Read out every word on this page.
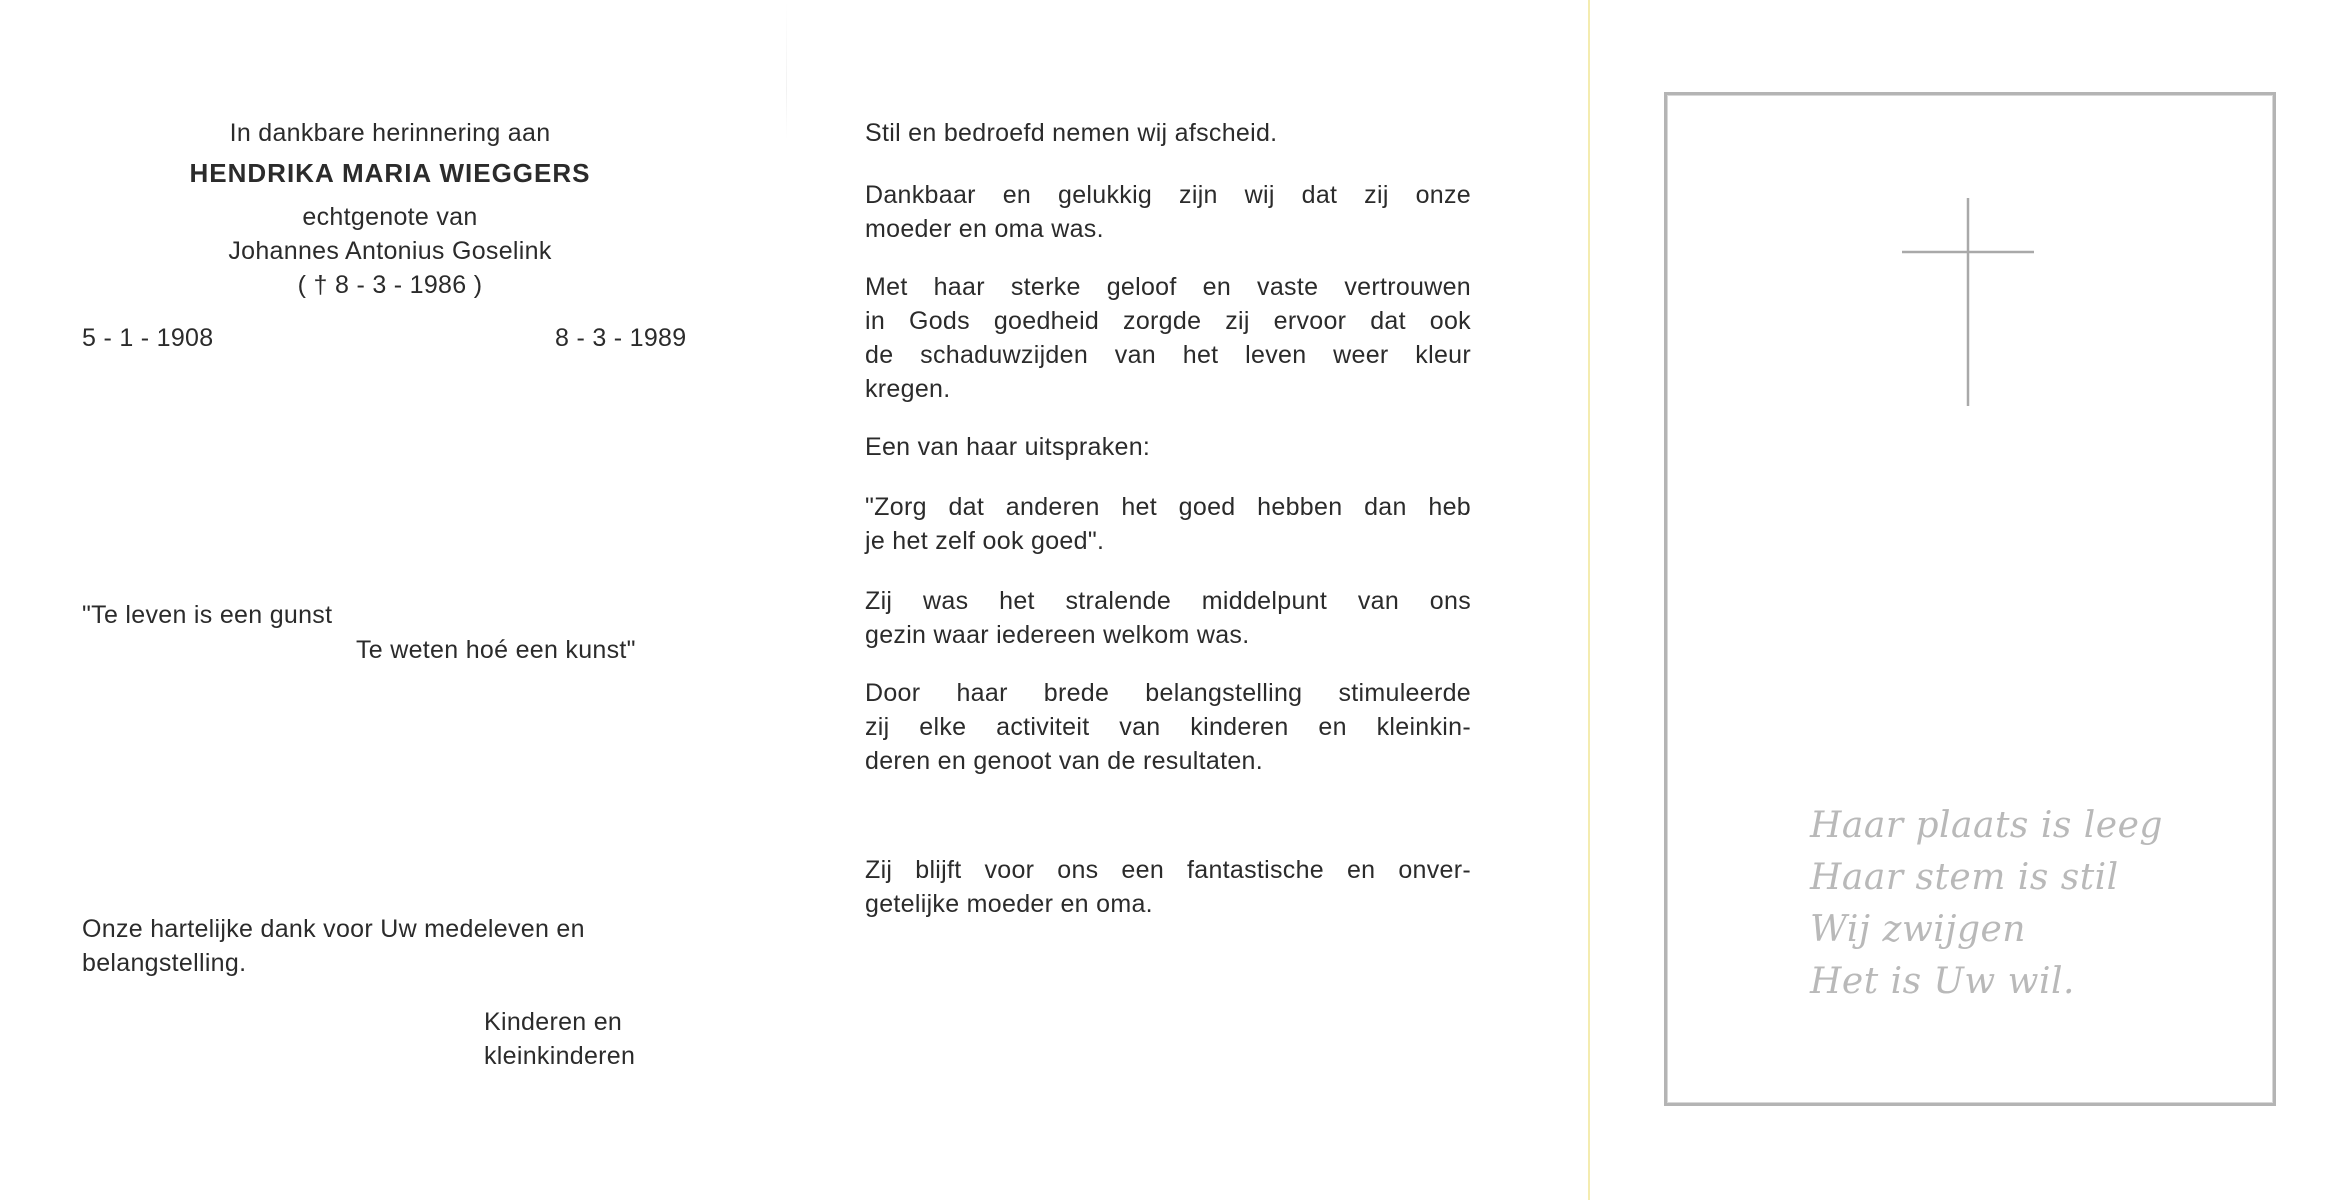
In dankbare herinnering aan
HENDRIKA MARIA WIEGGERS
echtgenote van
Johannes Antonius Goselink
( † 8 - 3 - 1986 )
5 - 1 - 1908	8 - 3 - 1989
"Te leven is een gunst
Te weten hoé een kunst"
Onze hartelijke dank voor Uw medeleven en
belangstelling.
Kinderen en
kleinkinderen
Stil en bedroefd nemen wij afscheid.
Dankbaar en gelukkig zijn wij dat zij onze
moeder en oma was.
Met haar sterke geloof en vaste vertrouwen
in Gods goedheid zorgde zij ervoor dat ook
de schaduwzijden van het leven weer kleur
kregen.
Een van haar uitspraken:
"Zorg dat anderen het goed hebben dan heb
je het zelf ook goed".
Zij was het stralende middelpunt van ons
gezin waar iedereen welkom was.
Door haar brede belangstelling stimuleerde
zij elke activiteit van kinderen en kleinkin-
deren en genoot van de resultaten.
Zij blijft voor ons een fantastische en onver-
getelijke moeder en oma.
Haar plaats is leeg
Haar stem is stil
Wij zwijgen
Het is Uw wil.
